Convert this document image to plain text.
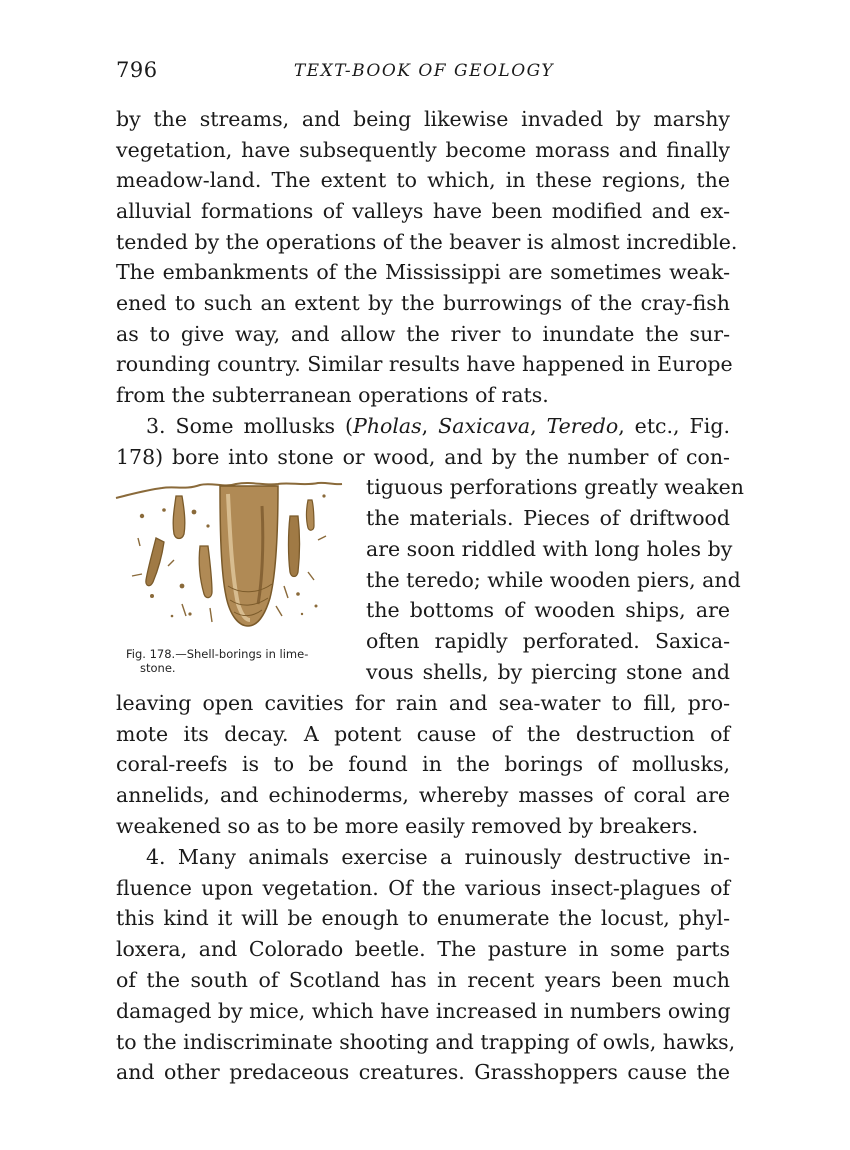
796	TEXT-BOOK OF GEOLOGY
by the streams, and being likewise invaded by marshy
vegetation, have subsequently become morass and finally
meadow-land. The extent to which, in these regions, the
alluvial formations of valleys have been modified and ex-
tended by the operations of the beaver is almost incredible.
The embankments of the Mississippi are sometimes weak-
ened to such an extent by the burrowings of the cray-fish
as to give way, and allow the river to inundate the sur-
rounding country. Similar results have happened in Europe
from the subterranean operations of rats.
3. Some mollusks (Pholas, Saxicava, Teredo, etc., Fig.
178) bore into stone or wood, and by the number of con-
tiguous perforations greatly weaken
the materials. Pieces of driftwood
are soon riddled with long holes by
the teredo; while wooden piers, and
the bottoms of wooden ships, are
often rapidly perforated. Saxica-
vous shells, by piercing stone and
leaving open cavities for rain and sea-water to fill, pro-
mote its decay. A potent cause of the destruction of
coral-reefs is to be found in the borings of mollusks,
annelids, and echinoderms, whereby masses of coral are
weakened so as to be more easily removed by breakers.
4. Many animals exercise a ruinously destructive in-
fluence upon vegetation. Of the various insect-plagues of
this kind it will be enough to enumerate the locust, phyl-
loxera, and Colorado beetle. The pasture in some parts
of the south of Scotland has in recent years been much
damaged by mice, which have increased in numbers owing
to the indiscriminate shooting and trapping of owls, hawks,
and other predaceous creatures. Grasshoppers cause the
Fig. 178.—Shell-borings in lime-
stone.
